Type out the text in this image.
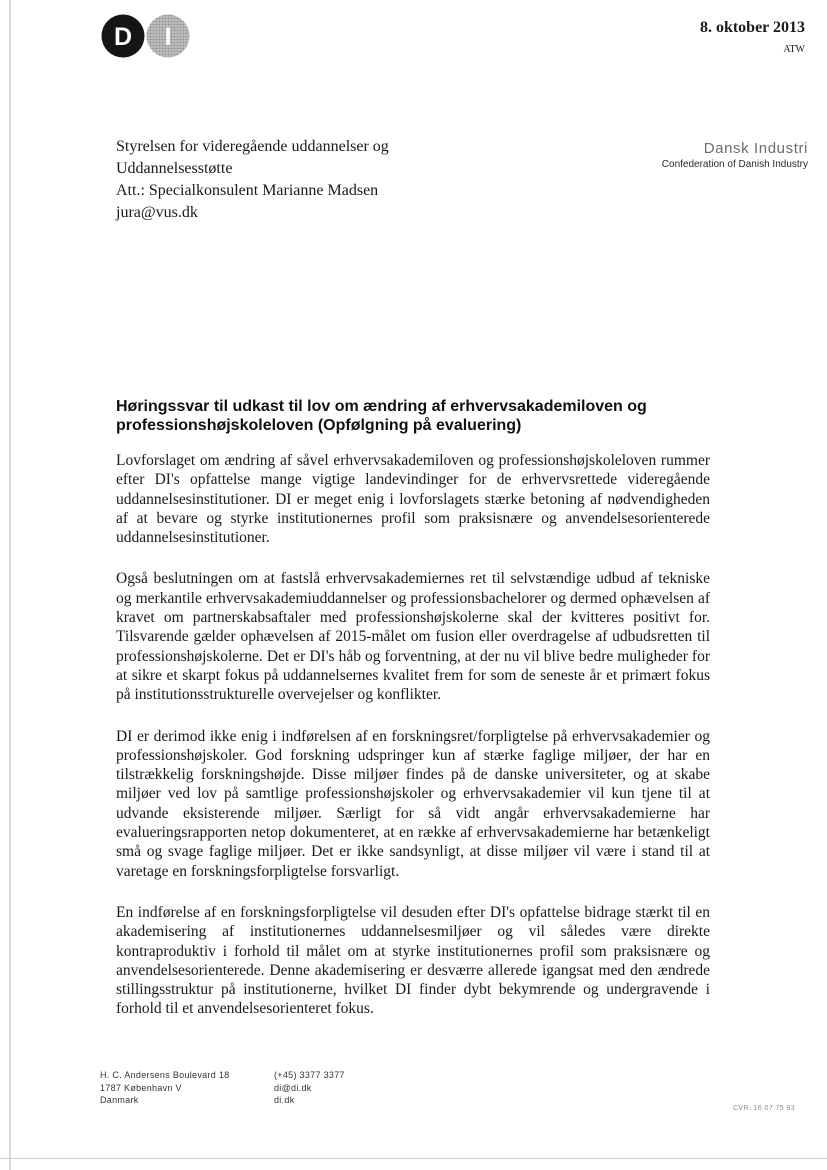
D I	8. oktober 2013
ATW
Styrelsen for videregående uddannelser og
Uddannelsesstøtte
Att.: Specialkonsulent Marianne Madsen
jura@vus.dk
Dansk Industri
Confederation of Danish Industry
Høringssvar til udkast til lov om ændring af erhvervsakademiloven og professionshøjskoleloven (Opfølgning på evaluering)

Lovforslaget om ændring af såvel erhvervsakademiloven og professionshøjskoleloven rummer efter DI's opfattelse mange vigtige landevindinger for de erhvervsrettede videregående uddannelsesinstitutioner. DI er meget enig i lovforslagets stærke betoning af nødvendigheden af at bevare og styrke institutionernes profil som praksisnære og anvendelsesorienterede uddannelsesinstitutioner.

Også beslutningen om at fastslå erhvervsakademiernes ret til selvstændige udbud af tekniske og merkantile erhvervsakademiuddannelser og professionsbachelorer og dermed ophævelsen af kravet om partnerskabsaftaler med professionshøjskolerne skal der kvitteres positivt for. Tilsvarende gælder ophævelsen af 2015-målet om fusion eller overdragelse af udbudsretten til professionshøjskolerne. Det er DI's håb og forventning, at der nu vil blive bedre muligheder for at sikre et skarpt fokus på uddannelsernes kvalitet frem for som de seneste år et primært fokus på institutionsstrukturelle overvejelser og konflikter.

DI er derimod ikke enig i indførelsen af en forskningsret/forpligtelse på erhvervsakademier og professionshøjskoler. God forskning udspringer kun af stærke faglige miljøer, der har en tilstrækkelig forskningshøjde. Disse miljøer findes på de danske universiteter, og at skabe miljøer ved lov på samtlige professionshøjskoler og erhvervsakademier vil kun tjene til at udvande eksisterende miljøer. Særligt for så vidt angår erhvervsakademierne har evalueringsrapporten netop dokumenteret, at en række af erhvervsakademierne har betænkeligt små og svage faglige miljøer. Det er ikke sandsynligt, at disse miljøer vil være i stand til at varetage en forskningsforpligtelse forsvarligt.

En indførelse af en forskningsforpligtelse vil desuden efter DI's opfattelse bidrage stærkt til en akademisering af institutionernes uddannelsesmiljøer og vil således være direkte kontraproduktiv i forhold til målet om at styrke institutionernes profil som praksisnære og anvendelsesorienterede. Denne akademisering er desværre allerede igangsat med den ændrede stillingsstruktur på institutionerne, hvilket DI finder dybt bekymrende og undergravende i forhold til et anvendelsesorienteret fokus.

H. C. Andersens Boulevard 18
1787 København V
Danmark
(+45) 3377 3377
di@di.dk
di.dk
CVR: 16 07 75 93
